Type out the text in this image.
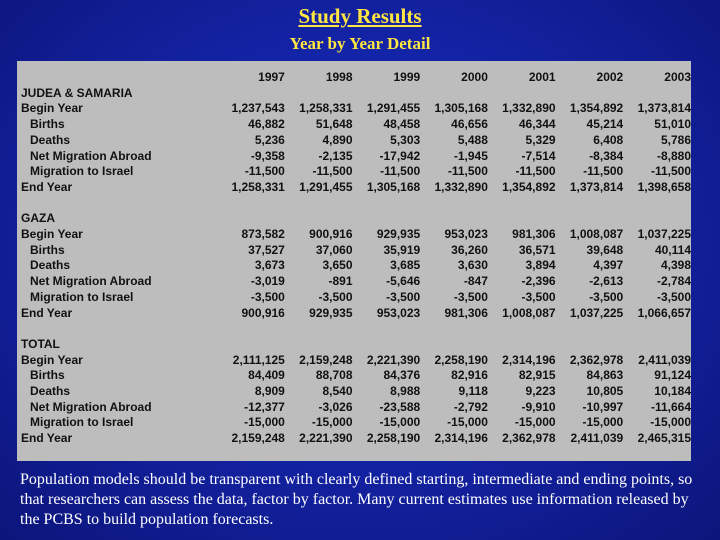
Study Results
Year by Year Detail
	1997	1998	1999	2000	2001	2002	2003
JUDEA & SAMARIA							
Begin Year	1,237,543	1,258,331	1,291,455	1,305,168	1,332,890	1,354,892	1,373,814
Births	46,882	51,648	48,458	46,656	46,344	45,214	51,010
Deaths	5,236	4,890	5,303	5,488	5,329	6,408	5,786
Net Migration Abroad	-9,358	-2,135	-17,942	-1,945	-7,514	-8,384	-8,880
Migration to Israel	-11,500	-11,500	-11,500	-11,500	-11,500	-11,500	-11,500
End Year	1,258,331	1,291,455	1,305,168	1,332,890	1,354,892	1,373,814	1,398,658

GAZA							
Begin Year	873,582	900,916	929,935	953,023	981,306	1,008,087	1,037,225
Births	37,527	37,060	35,919	36,260	36,571	39,648	40,114
Deaths	3,673	3,650	3,685	3,630	3,894	4,397	4,398
Net Migration Abroad	-3,019	-891	-5,646	-847	-2,396	-2,613	-2,784
Migration to Israel	-3,500	-3,500	-3,500	-3,500	-3,500	-3,500	-3,500
End Year	900,916	929,935	953,023	981,306	1,008,087	1,037,225	1,066,657

TOTAL							
Begin Year	2,111,125	2,159,248	2,221,390	2,258,190	2,314,196	2,362,978	2,411,039
Births	84,409	88,708	84,376	82,916	82,915	84,863	91,124
Deaths	8,909	8,540	8,988	9,118	9,223	10,805	10,184
Net Migration Abroad	-12,377	-3,026	-23,588	-2,792	-9,910	-10,997	-11,664
Migration to Israel	-15,000	-15,000	-15,000	-15,000	-15,000	-15,000	-15,000
End Year	2,159,248	2,221,390	2,258,190	2,314,196	2,362,978	2,411,039	2,465,315
Population models should be transparent with clearly defined starting, intermediate and ending points, so that researchers can assess the data, factor by factor. Many current estimates use information released by the PCBS to build population forecasts.
